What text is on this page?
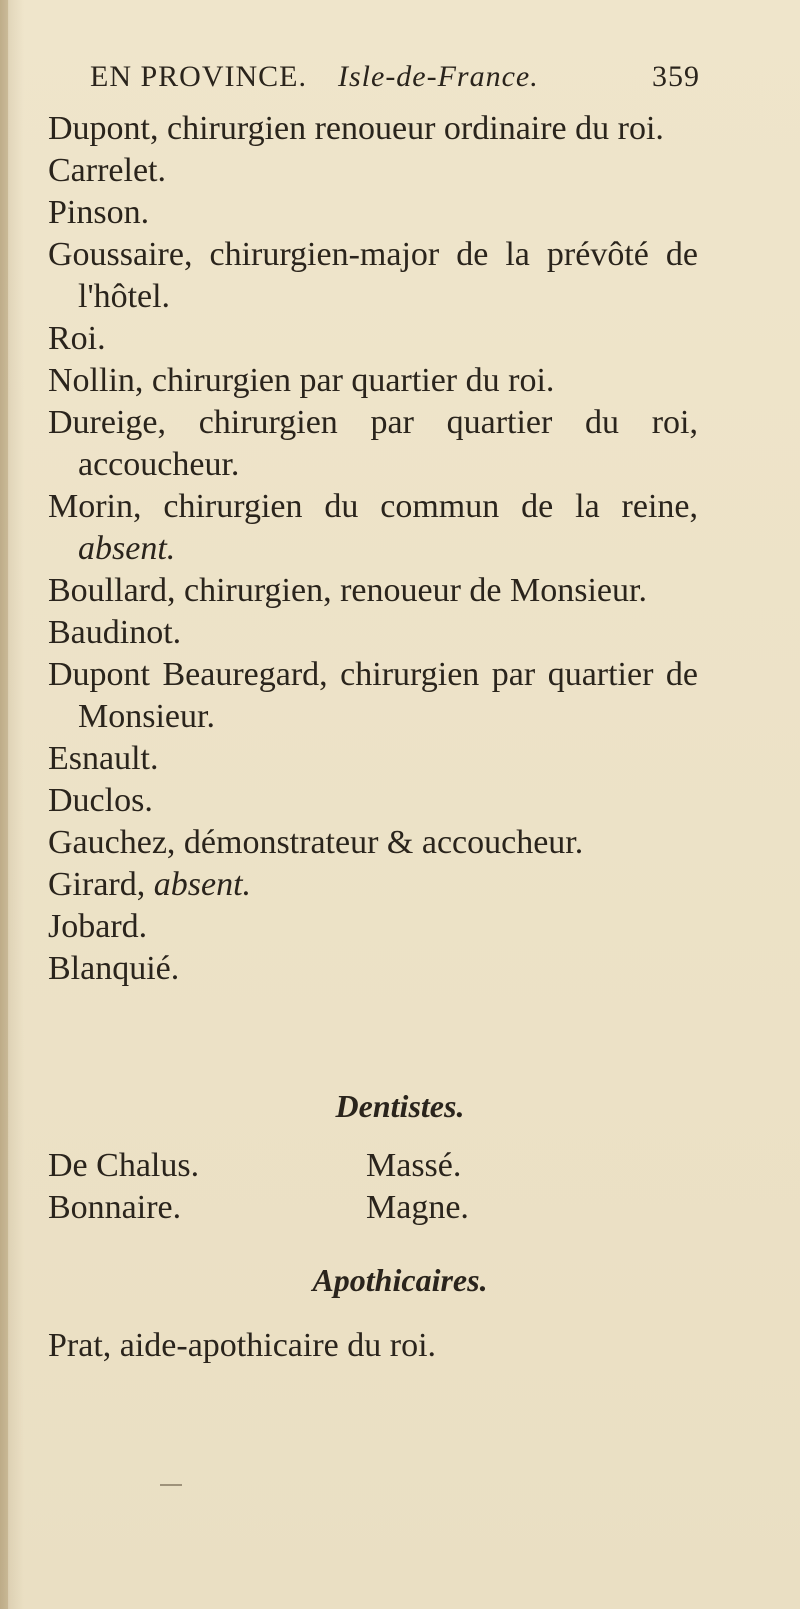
EN PROVINCE. Isle-de-France.	359

Dupont, chirurgien renoueur ordinaire du roi.

Carrelet.

Pinson.

Goussaire, chirurgien-major de la prévôté de l'hôtel.

Roi.

Nollin, chirurgien par quartier du roi.

Dureige, chirurgien par quartier du roi, accoucheur.

Morin, chirurgien du commun de la reine, absent.

Boullard, chirurgien, renoueur de Monsieur.

Baudinot.

Dupont Beauregard, chirurgien par quartier de Monsieur.

Esnault.

Duclos.

Gauchez, démonstrateur & accoucheur.

Girard, absent.

Jobard.

Blanquié.

Dentistes.
De Chalus.	Massé.
Bonnaire.	Magne.
Apothicaires.
Prat, aide-apothicaire du roi.
